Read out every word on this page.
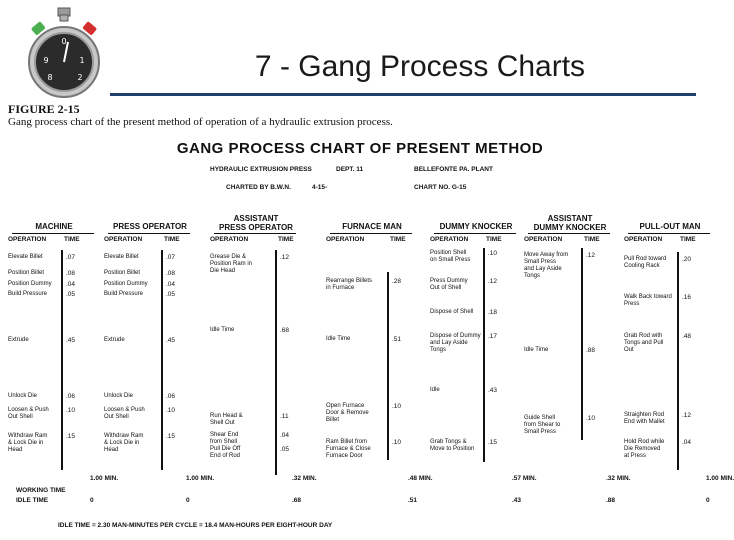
0
9	1
8	2	7 - Gang Process Charts
FIGURE 2-15
Gang process chart of the present method of operation of a hydraulic extrusion process.
GANG PROCESS CHART OF PRESENT METHOD
HYDRAULIC EXTRUSION PRESS	DEPT. 11	BELLEFONTE PA. PLANT
CHARTED BY B.W.N.	4-15-	CHART NO. G-15
MACHINE
OPERATION	TIME
Elevate Billet	.07
Position Billet	.08
Position Dummy .04
Build Pressure	.05
Extrude	.45
Unlock Die	.06
Loosen & Push
Out Shell
.10
Withdraw Ram
& Lock Die in
Head
.15
1.00 MIN.
0
PRESS OPERATOR
OPERATION	TIME
Elevate Billet	.07
Position Billet	.08
Position Dummy	.04
Build Pressure	.05
Extrude	.45
Unlock Die	.06
Loosen & Push
Out Shell
.10
Withdraw Ram
& Lock Die in
Head
.15
1.00 MIN.
0
ASSISTANT
PRESS OPERATOR
OPERATION	TIME
Grease Die &
Position Ram in
Die Head
.12
Idle Time	.68
Run Head &
Shell Out
.11
Shear End
from Shell
.04
Pull Die Off
End of Rod
.05
.32 MIN.
.68
FURNACE MAN
OPERATION	TIME
Rearrange Billets
in Furnace
.28
Idle Time	.51
Open Furnace
Door & Remove
Billet
.10
Ram Billet from
Furnace & Close
Furnace Door
.10
.48 MIN.
.51
DUMMY KNOCKER
OPERATION	TIME
Position Shell
on Small Press
.10
Press Dummy
Out of Shell
.12
Dispose of Shell .18
Dispose of Dummy
and Lay Aside
Tongs
.17
Idle	.43
Grab Tongs &
Move to Position
.15
.57 MIN.
.43
ASSISTANT
DUMMY KNOCKER
OPERATION	TIME
Move Away from
Small Press
and Lay Aside
Tongs
.12
Idle Time	.88
Guide Shell
from Shear to
Small Press
.10
.32 MIN.
.88
PULL-OUT MAN
OPERATION	TIME
Pull Rod toward
Cooling Rack
.20
Walk Back toward
Press
.16
Grab Rod with
Tongs and Pull
Out
.48
Straighten Rod
End with Mallet
.12
Hold Rod while
Die Removed
at Press
.04
1.00 MIN.
0
WORKING TIME
IDLE TIME
IDLE TIME = 2.30 MAN-MINUTES PER CYCLE = 18.4 MAN-HOURS PER EIGHT-HOUR DAY
